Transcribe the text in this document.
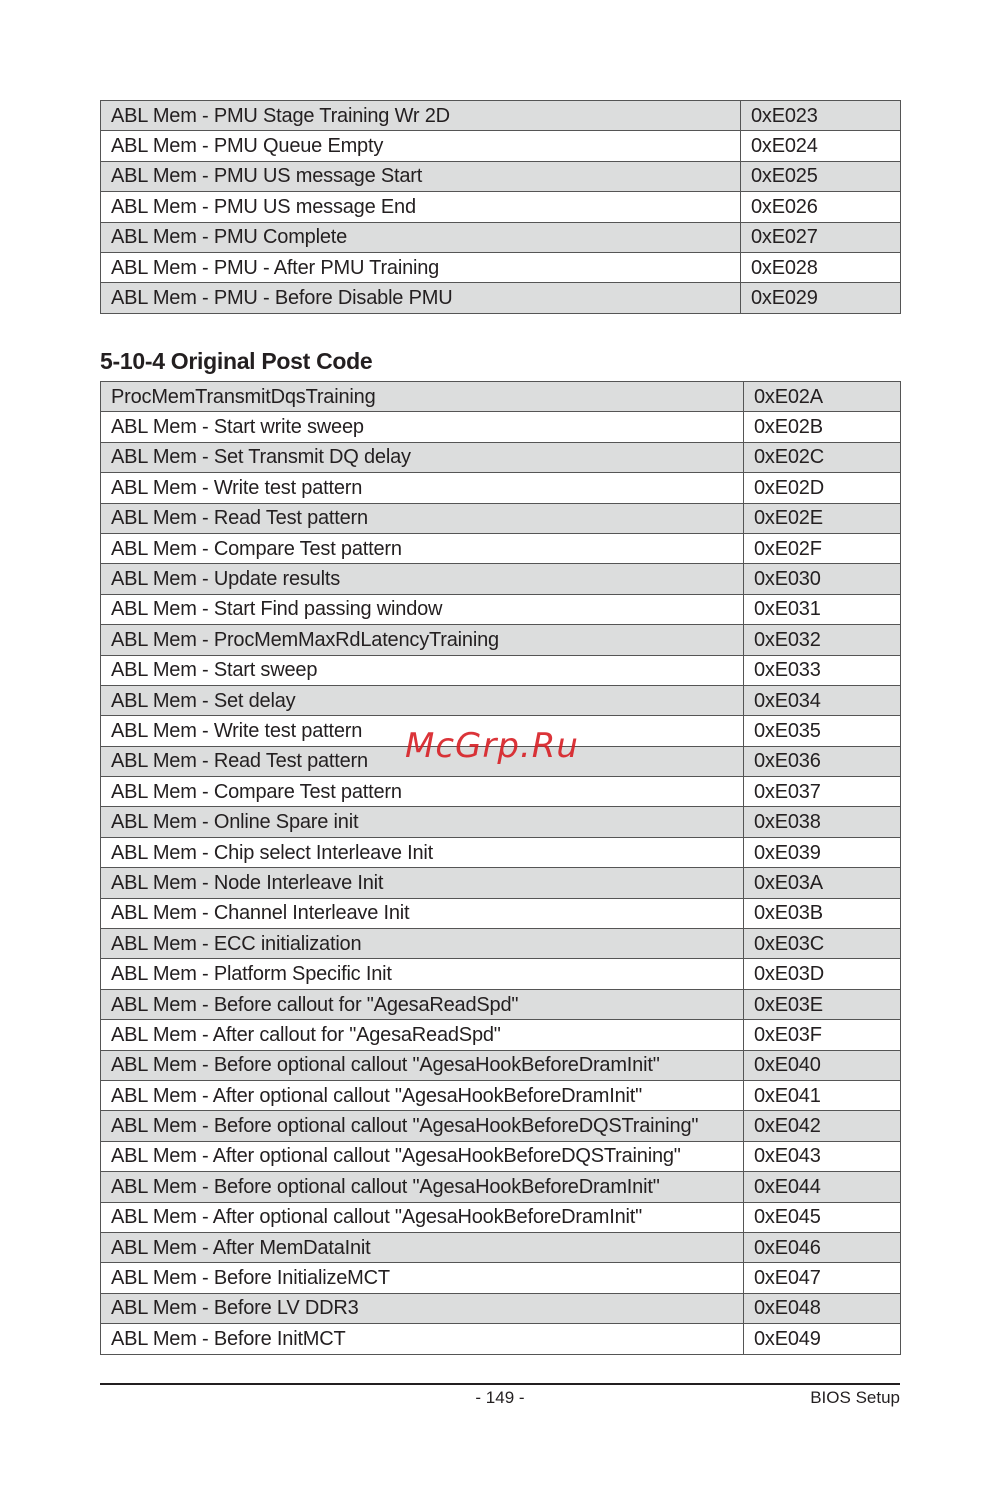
ABL Mem - PMU Stage Training Wr 2D	0xE023
ABL Mem - PMU Queue Empty	0xE024
ABL Mem - PMU US message Start	0xE025
ABL Mem - PMU US message End	0xE026
ABL Mem - PMU Complete	0xE027
ABL Mem - PMU - After PMU Training	0xE028
ABL Mem - PMU - Before Disable PMU	0xE029
5-10-4 Original Post Code
ProcMemTransmitDqsTraining	0xE02A
ABL Mem - Start write sweep	0xE02B
ABL Mem - Set Transmit DQ delay	0xE02C
ABL Mem - Write test pattern	0xE02D
ABL Mem - Read Test pattern	0xE02E
ABL Mem - Compare Test pattern	0xE02F
ABL Mem - Update results	0xE030
ABL Mem - Start Find passing window	0xE031
ABL Mem - ProcMemMaxRdLatencyTraining	0xE032
ABL Mem - Start sweep	0xE033
ABL Mem - Set delay	0xE034
ABL Mem - Write test pattern	0xE035
ABL Mem - Read Test pattern	0xE036
ABL Mem - Compare Test pattern	0xE037
ABL Mem - Online Spare init	0xE038
ABL Mem - Chip select Interleave Init	0xE039
ABL Mem - Node Interleave Init	0xE03A
ABL Mem - Channel Interleave Init	0xE03B
ABL Mem - ECC initialization	0xE03C
ABL Mem - Platform Specific Init	0xE03D
ABL Mem - Before callout for "AgesaReadSpd"	0xE03E
ABL Mem - After callout for "AgesaReadSpd"	0xE03F
ABL Mem - Before optional callout "AgesaHookBeforeDramInit"	0xE040
ABL Mem - After optional callout "AgesaHookBeforeDramInit"	0xE041
ABL Mem - Before optional callout "AgesaHookBeforeDQSTraining"	0xE042
ABL Mem - After optional callout "AgesaHookBeforeDQSTraining"	0xE043
ABL Mem - Before optional callout "AgesaHookBeforeDramInit"	0xE044
ABL Mem - After optional callout "AgesaHookBeforeDramInit"	0xE045
ABL Mem - After MemDataInit	0xE046
ABL Mem - Before InitializeMCT	0xE047
ABL Mem - Before LV DDR3	0xE048
ABL Mem - Before InitMCT	0xE049
McGrp.Ru
- 149 -	BIOS Setup
